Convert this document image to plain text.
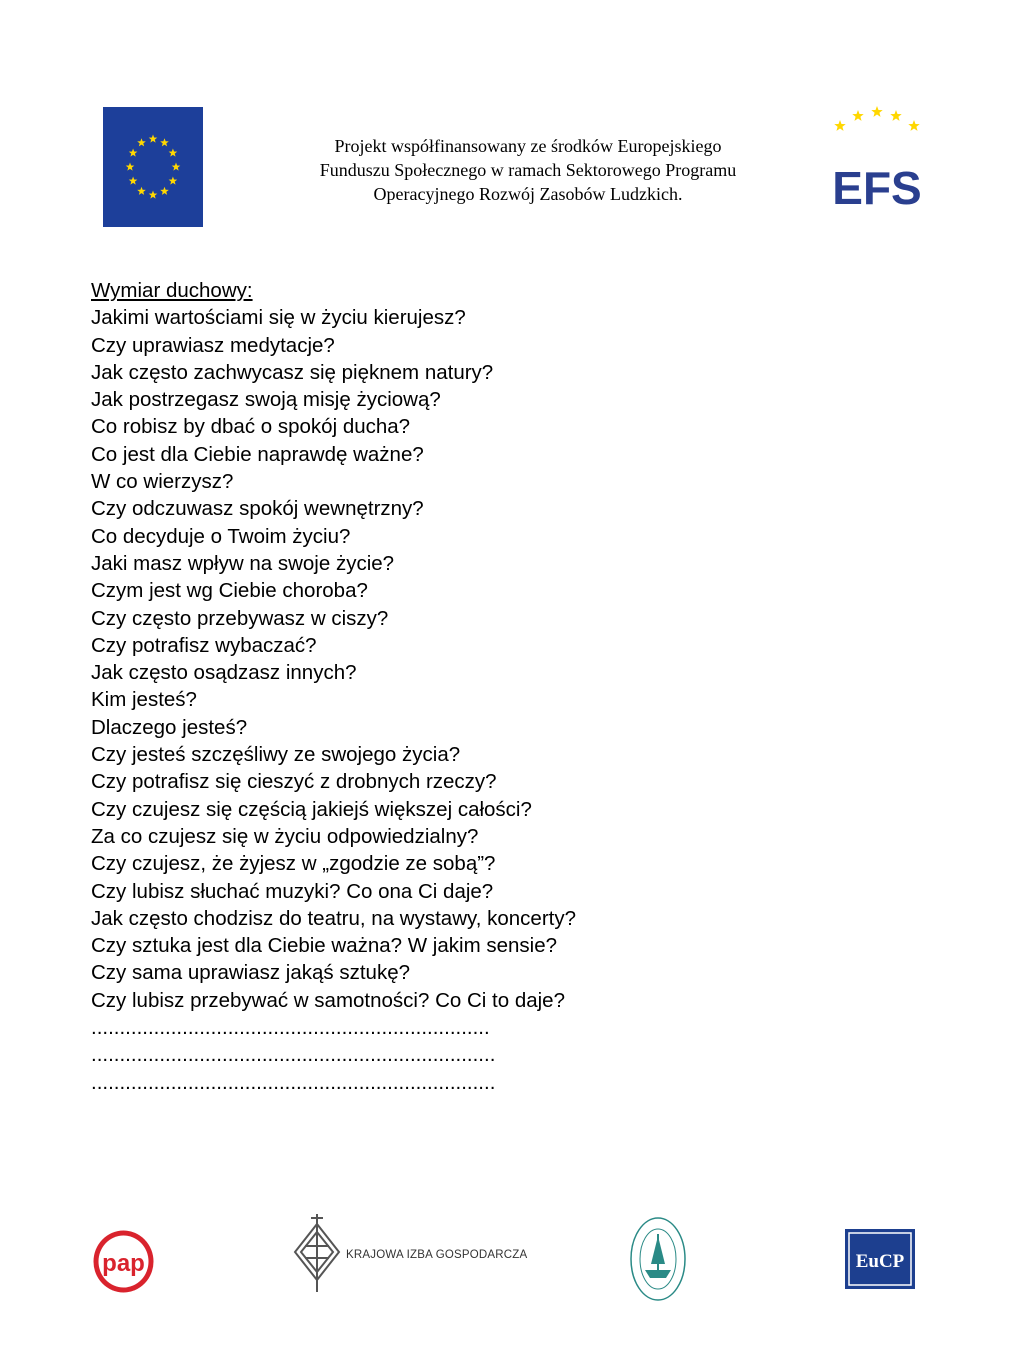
Projekt współfinansowany ze środków Europejskiego
Funduszu Społecznego w ramach Sektorowego Programu
Operacyjnego Rozwój Zasobów Ludzkich.	EFS
Wymiar duchowy:
Jakimi wartościami się w życiu kierujesz?
Czy uprawiasz medytacje?
Jak często zachwycasz się pięknem natury?
Jak postrzegasz swoją misję życiową?
Co robisz by dbać o spokój ducha?
Co jest dla Ciebie naprawdę ważne?
W co wierzysz?
Czy odczuwasz spokój wewnętrzny?
Co decyduje o Twoim życiu?
Jaki masz wpływ na swoje życie?
Czym jest wg Ciebie choroba?
Czy często przebywasz w ciszy?
Czy potrafisz wybaczać?
Jak często osądzasz innych?
Kim jesteś?
Dlaczego jesteś?
Czy jesteś szczęśliwy ze swojego życia?
Czy potrafisz się cieszyć z drobnych rzeczy?
Czy czujesz się częścią jakiejś większej całości?
Za co czujesz się w życiu odpowiedzialny?
Czy czujesz, że żyjesz w „zgodzie ze sobą”?
Czy lubisz słuchać muzyki? Co ona Ci daje?
Jak często chodzisz do teatru, na wystawy, koncerty?
Czy sztuka jest dla Ciebie ważna? W jakim sensie?
Czy sama uprawiasz jakąś sztukę?
Czy lubisz przebywać w samotności? Co Ci to daje?
......................................................................
.......................................................................
.......................................................................
pap	KRAJOWA IZBA GOSPODARCZA	EuCP
